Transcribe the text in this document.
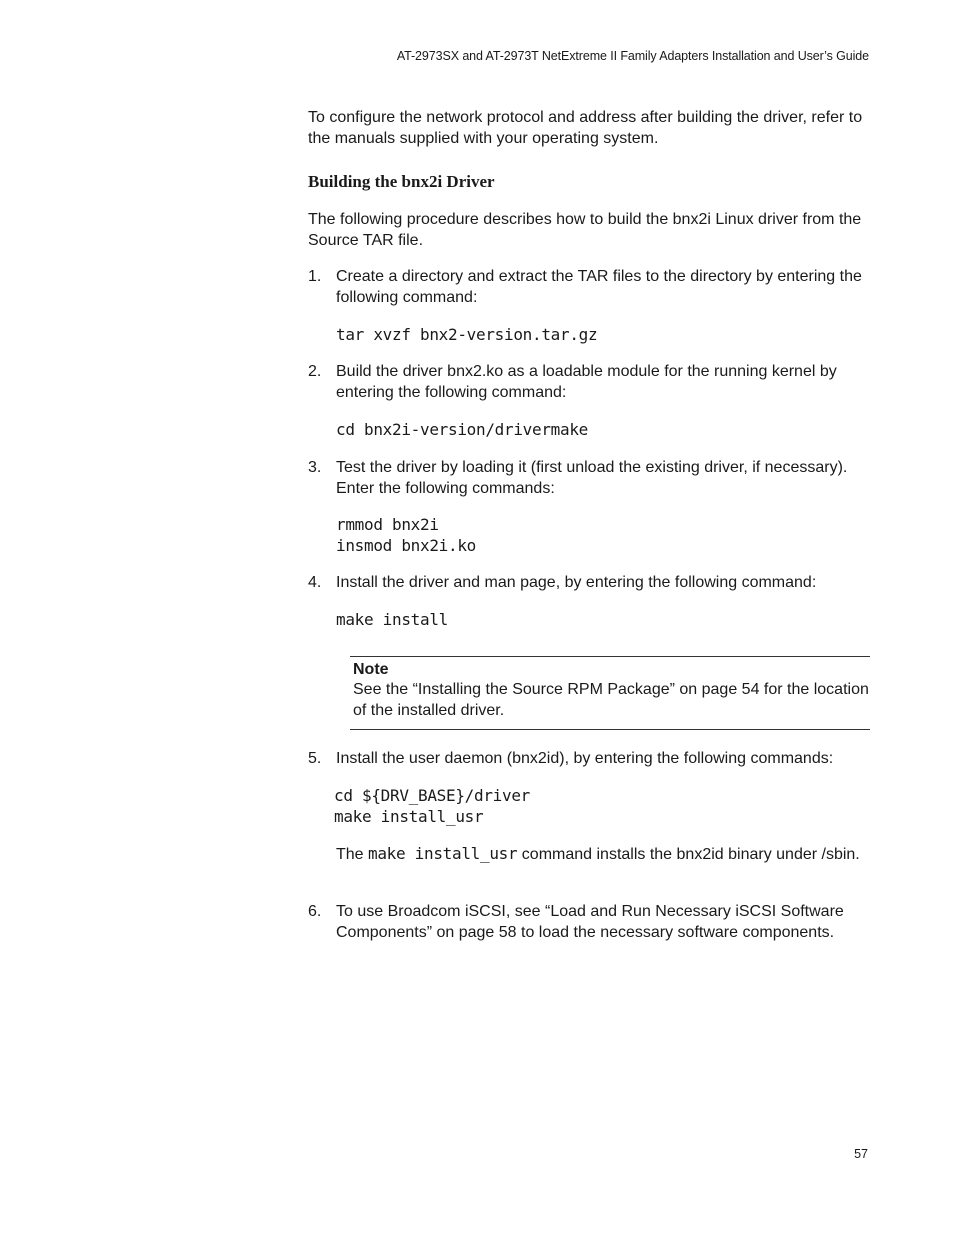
AT-2973SX and AT-2973T NetExtreme II Family Adapters Installation and User’s Guide
To configure the network protocol and address after building the driver, refer to the manuals supplied with your operating system.
Building the bnx2i Driver
The following procedure describes how to build the bnx2i Linux driver from the Source TAR file.
1. Create a directory and extract the TAR files to the directory by entering the following command:
tar xvzf bnx2-version.tar.gz
2. Build the driver bnx2.ko as a loadable module for the running kernel by entering the following command:
cd bnx2i-version/drivermake
3. Test the driver by loading it (first unload the existing driver, if necessary). Enter the following commands:
rmmod bnx2i
insmod bnx2i.ko
4. Install the driver and man page, by entering the following command:
make install
Note
See the “Installing the Source RPM Package” on page 54 for the location of the installed driver.
5. Install the user daemon (bnx2id), by entering the following commands:
cd ${DRV_BASE}/driver
make install_usr
The make install_usr command installs the bnx2id binary under /sbin.
6. To use Broadcom iSCSI, see “Load and Run Necessary iSCSI Software Components” on page 58 to load the necessary software components.
57
